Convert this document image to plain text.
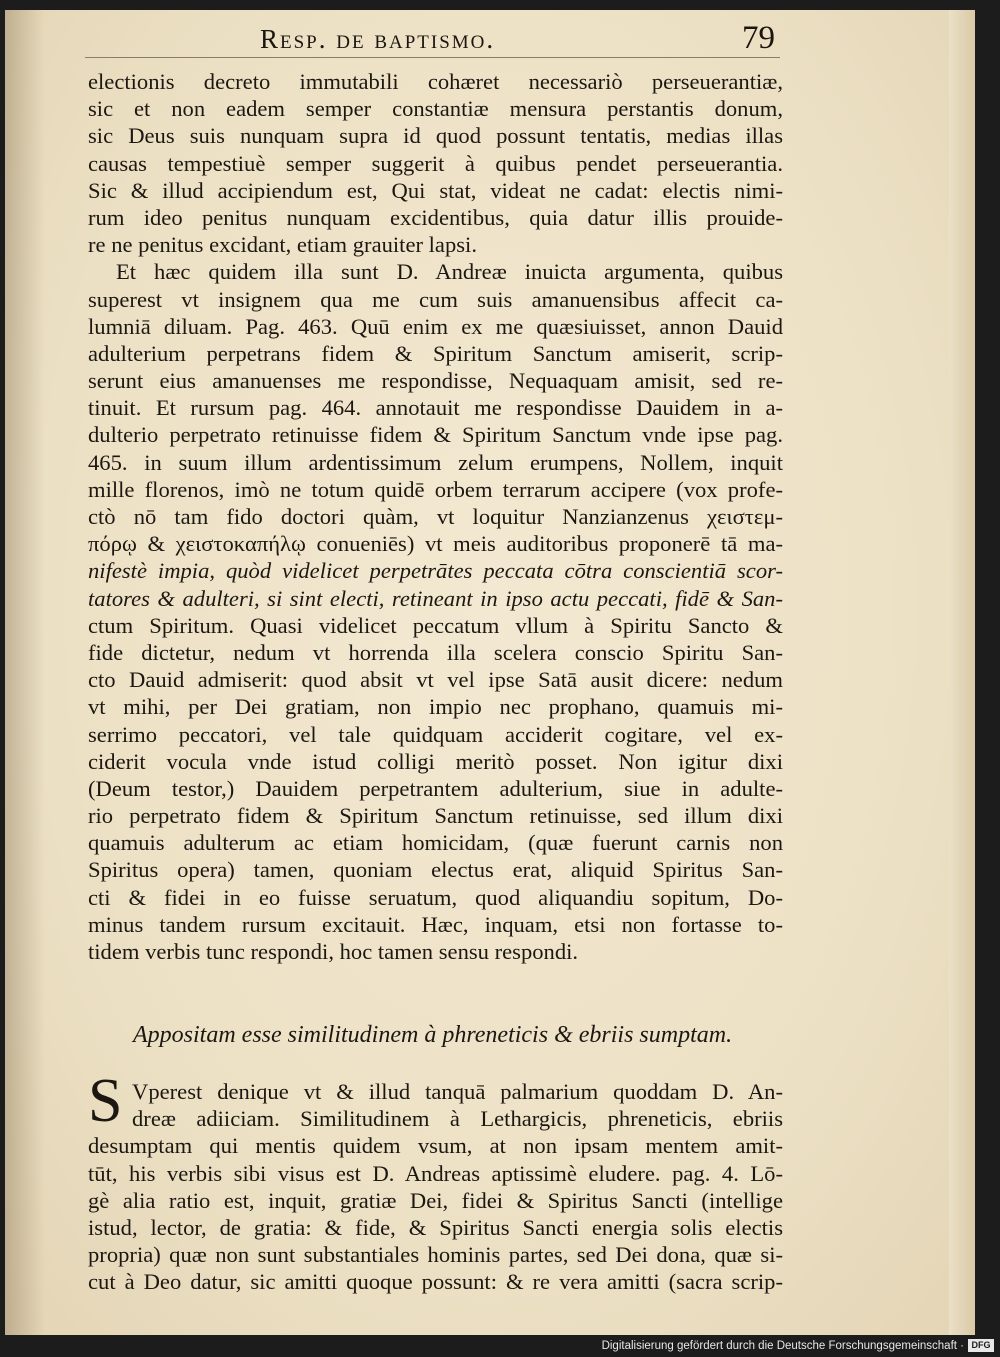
Resp. de baptismo.	79
electionis decreto immutabili cohæret necessariò perseuerantiæ,
sic et non eadem semper constantiæ mensura perstantis donum,
sic Deus suis nunquam supra id quod possunt tentatis, medias illas
causas tempestiuè semper suggerit à quibus pendet perseuerantia.
Sic & illud accipiendum est, Qui stat, videat ne cadat: electis nimi-
rum ideo penitus nunquam excidentibus, quia datur illis prouide-
re ne penitus excidant, etiam grauiter lapsi.
Et hæc quidem illa sunt D. Andreæ inuicta argumenta, quibus
superest vt insignem qua me cum suis amanuensibus affecit ca-
lumniā diluam. Pag. 463. Quū enim ex me quæsiuisset, annon Dauid
adulterium perpetrans fidem & Spiritum Sanctum amiserit, scrip-
serunt eius amanuenses me respondisse, Nequaquam amisit, sed re-
tinuit. Et rursum pag. 464. annotauit me respondisse Dauidem in a-
dulterio perpetrato retinuisse fidem & Spiritum Sanctum vnde ipse pag.
465. in suum illum ardentissimum zelum erumpens, Nollem, inquit
mille florenos, imò ne totum quidē orbem terrarum accipere (vox profe-
ctò nō tam fido doctori quàm, vt loquitur Nanzianzenus χειστεμ-
πόρῳ & χειστοκαπήλῳ conueniēs) vt meis auditoribus proponerē tā ma-
nifestè impia, quòd videlicet perpetrātes peccata cōtra conscientiā scor-
tatores & adulteri, si sint electi, retineant in ipso actu peccati, fidē & San-
ctum Spiritum. Quasi videlicet peccatum vllum à Spiritu Sancto &
fide dictetur, nedum vt horrenda illa scelera conscio Spiritu San-
cto Dauid admiserit: quod absit vt vel ipse Satā ausit dicere: nedum
vt mihi, per Dei gratiam, non impio nec prophano, quamuis mi-
serrimo peccatori, vel tale quidquam acciderit cogitare, vel ex-
ciderit vocula vnde istud colligi meritò posset. Non igitur dixi
(Deum testor,) Dauidem perpetrantem adulterium, siue in adulte-
rio perpetrato fidem & Spiritum Sanctum retinuisse, sed illum dixi
quamuis adulterum ac etiam homicidam, (quæ fuerunt carnis non
Spiritus opera) tamen, quoniam electus erat, aliquid Spiritus San-
cti & fidei in eo fuisse seruatum, quod aliquandiu sopitum, Do-
minus tandem rursum excitauit. Hæc, inquam, etsi non fortasse to-
tidem verbis tunc respondi, hoc tamen sensu respondi.
Appositam esse similitudinem à phreneticis & ebriis sumptam.
S Vperest denique vt & illud tanquā palmarium quoddam D. An-
dreæ adiiciam. Similitudinem à Lethargicis, phreneticis, ebriis
desumptam qui mentis quidem vsum, at non ipsam mentem amit-
tūt, his verbis sibi visus est D. Andreas aptissimè eludere. pag. 4. Lō-
gè alia ratio est, inquit, gratiæ Dei, fidei & Spiritus Sancti (intellige
istud, lector, de gratia: & fide, & Spiritus Sancti energia solis electis
propria) quæ non sunt substantiales hominis partes, sed Dei dona, quæ si-
cut à Deo datur, sic amitti quoque possunt: & re vera amitti (sacra scrip-
Digitalisierung gefördert durch die Deutsche Forschungsgemeinschaft · DFG
